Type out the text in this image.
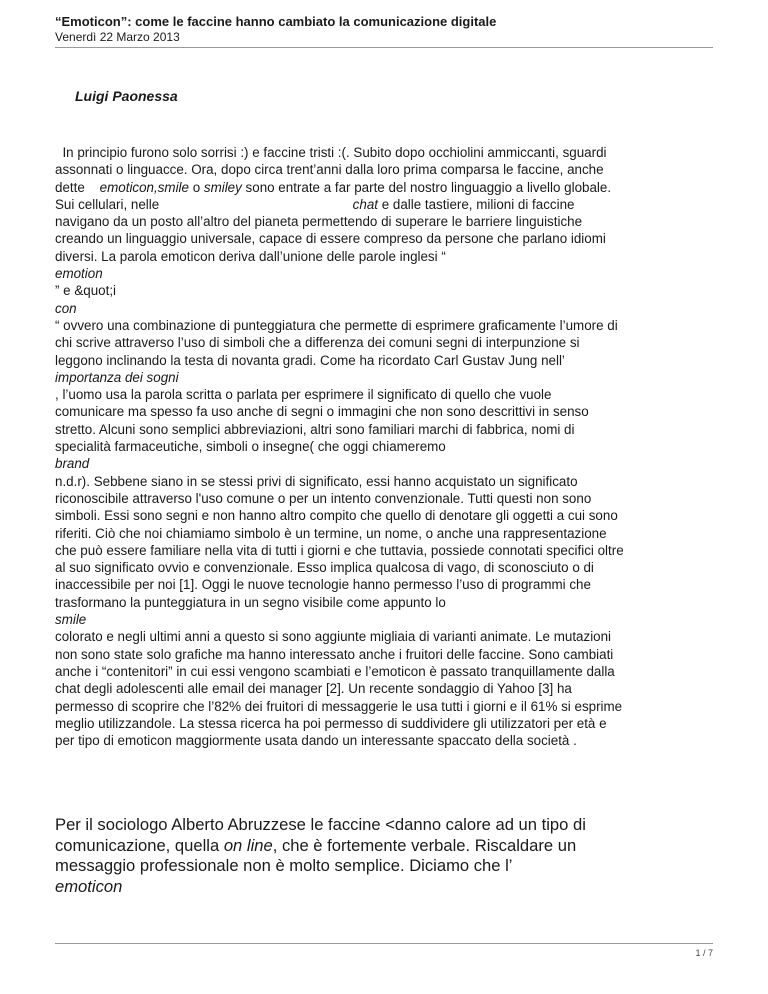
“Emoticon”: come le faccine hanno cambiato la comunicazione digitale
Venerdì 22 Marzo 2013
Luigi Paonessa
In principio furono solo sorrisi :) e faccine tristi :(. Subito dopo occhiolini ammiccanti, sguardi
assonnati o linguacce. Ora, dopo circa trent’anni dalla loro prima comparsa le faccine, anche
dette    emoticon,smile o smiley sono entrate a far parte del nostro linguaggio a livello globale.
Sui cellulari, nelle                                                    chat e dalle tastiere, milioni di faccine
navigano da un posto all’altro del pianeta permettendo di superare le barriere linguistiche
creando un linguaggio universale, capace di essere compreso da persone che parlano idiomi
diversi. La parola emoticon deriva dall’unione delle parole inglesi “
emotion
” e &quot;i
con
“ ovvero una combinazione di punteggiatura che permette di esprimere graficamente l’umore di
chi scrive attraverso l’uso di simboli che a differenza dei comuni segni di interpunzione si
leggono inclinando la testa di novanta gradi. Come ha ricordato Carl Gustav Jung nell’
importanza dei sogni
, l’uomo usa la parola scritta o parlata per esprimere il significato di quello che vuole
comunicare ma spesso fa uso anche di segni o immagini che non sono descrittivi in senso
stretto. Alcuni sono semplici abbreviazioni, altri sono familiari marchi di fabbrica, nomi di
specialità farmaceutiche, simboli o insegne( che oggi chiameremo
brand
n.d.r). Sebbene siano in se stessi privi di significato, essi hanno acquistato un significato
riconoscibile attraverso l'uso comune o per un intento convenzionale. Tutti questi non sono
simboli. Essi sono segni e non hanno altro compito che quello di denotare gli oggetti a cui sono
riferiti. Ciò che noi chiamiamo simbolo è un termine, un nome, o anche una rappresentazione
che può essere familiare nella vita di tutti i giorni e che tuttavia, possiede connotati specifici oltre
al suo significato ovvio e convenzionale. Esso implica qualcosa di vago, di sconosciuto o di
inaccessibile per noi [1]. Oggi le nuove tecnologie hanno permesso l’uso di programmi che
trasformano la punteggiatura in un segno visibile come appunto lo
smile
colorato e negli ultimi anni a questo si sono aggiunte migliaia di varianti animate. Le mutazioni
non sono state solo grafiche ma hanno interessato anche i fruitori delle faccine. Sono cambiati
anche i “contenitori” in cui essi vengono scambiati e l’emoticon è passato tranquillamente dalla
chat degli adolescenti alle email dei manager [2]. Un recente sondaggio di Yahoo [3] ha
permesso di scoprire che l’82% dei fruitori di messaggerie le usa tutti i giorni e il 61% si esprime
meglio utilizzandole. La stessa ricerca ha poi permesso di suddividere gli utilizzatori per età e
per tipo di emoticon maggiormente usata dando un interessante spaccato della società .
Per il sociologo Alberto Abruzzese le faccine <danno calore ad un tipo di
comunicazione, quella on line, che è fortemente verbale. Riscaldare un
messaggio professionale non è molto semplice. Diciamo che l’
emoticon
1 / 7
